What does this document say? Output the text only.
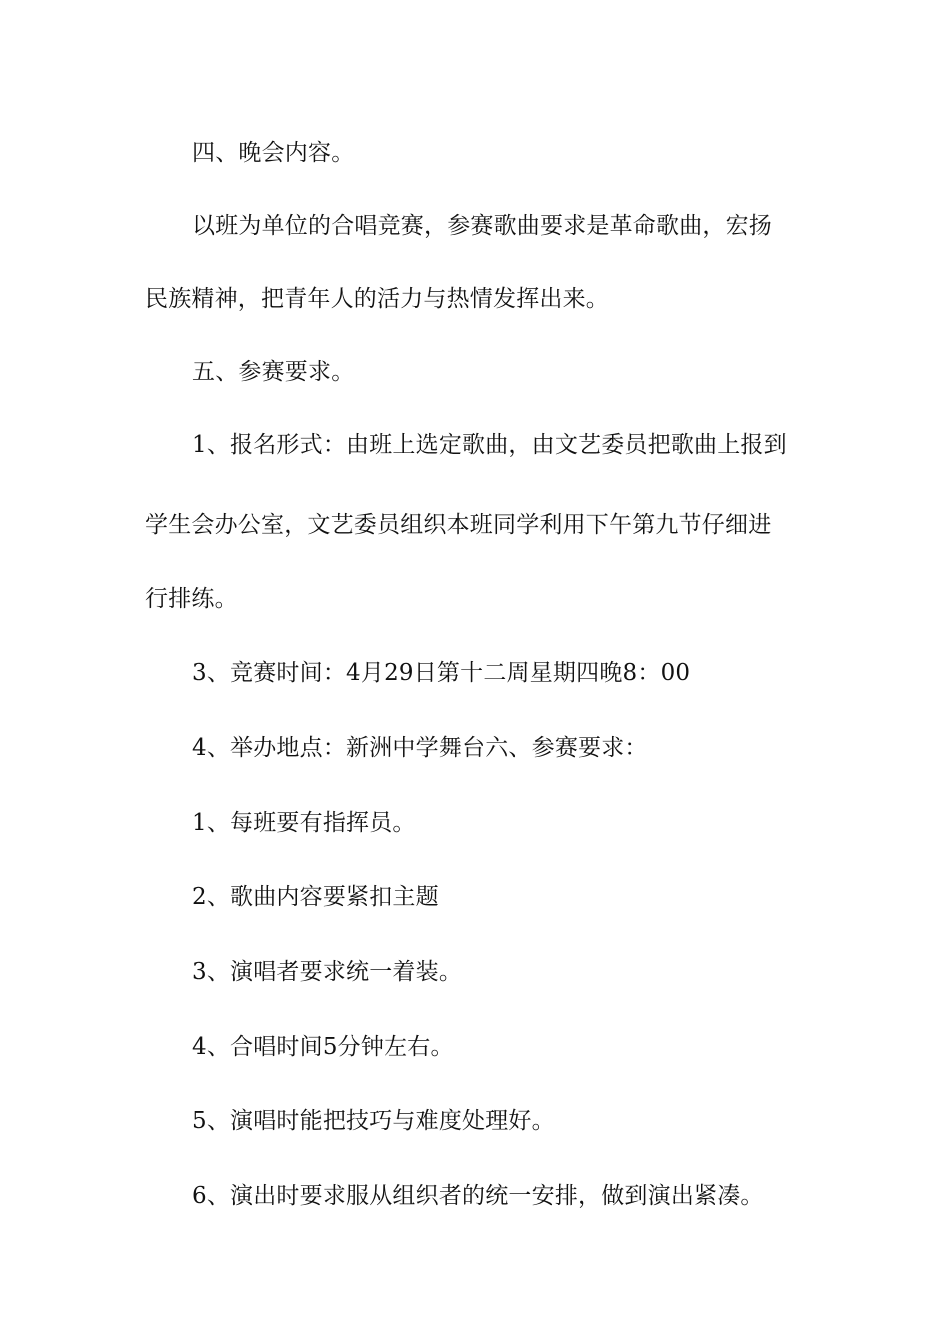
四、晚会内容。
以班为单位的合唱竞赛，参赛歌曲要求是革命歌曲，宏扬
民族精神，把青年人的活力与热情发挥出来。
五、参赛要求。
1、报名形式：由班上选定歌曲，由文艺委员把歌曲上报到
学生会办公室，文艺委员组织本班同学利用下午第九节仔细进
行排练。
3、竞赛时间：4月29日第十二周星期四晚8：00
4、举办地点：新洲中学舞台六、参赛要求：
1、每班要有指挥员。
2、歌曲内容要紧扣主题
3、演唱者要求统一着装。
4、合唱时间5分钟左右。
5、演唱时能把技巧与难度处理好。
6、演出时要求服从组织者的统一安排，做到演出紧凑。
